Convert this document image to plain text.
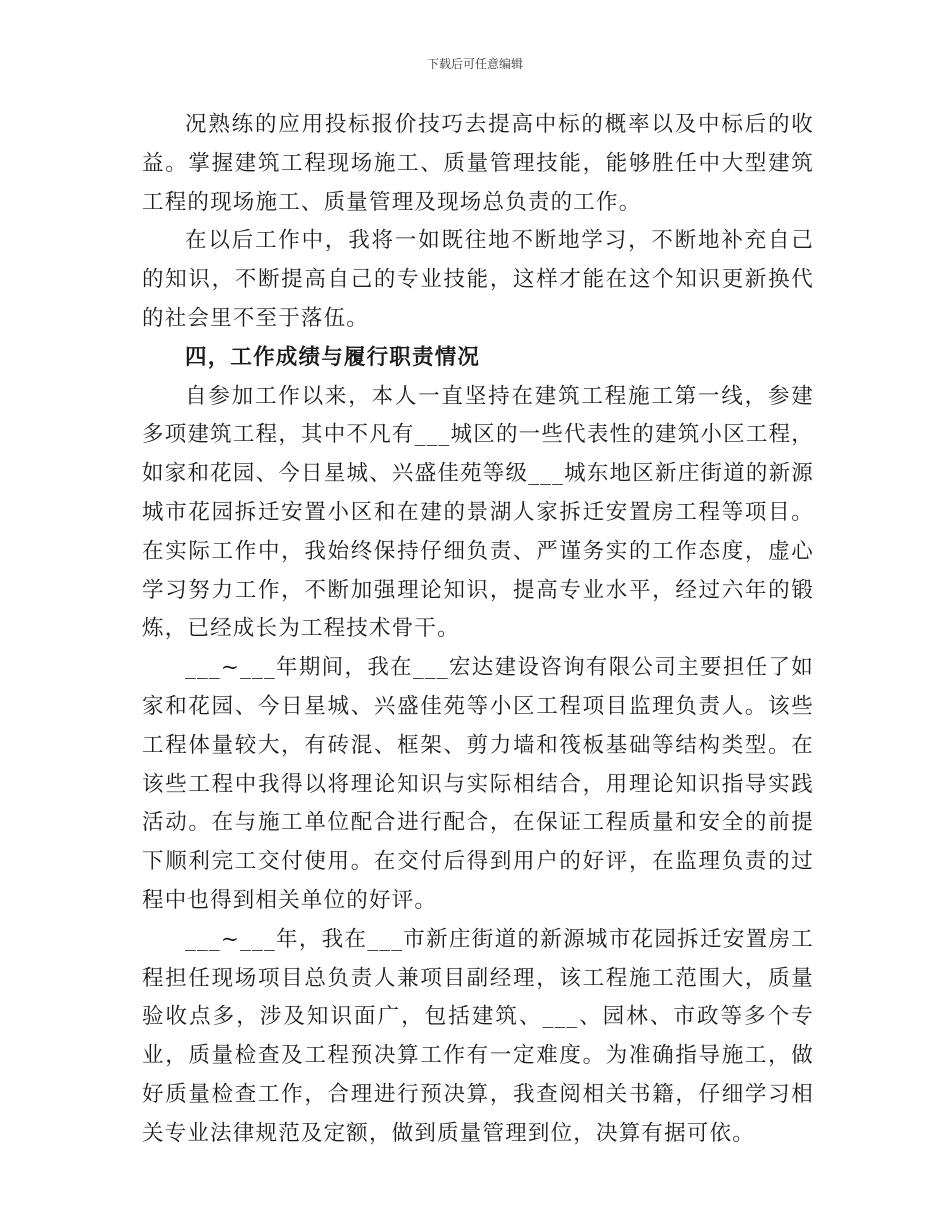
下载后可任意编辑

况熟练的应用投标报价技巧去提高中标的概率以及中标后的收益。掌握建筑工程现场施工、质量管理技能，能够胜任中大型建筑工程的现场施工、质量管理及现场总负责的工作。

在以后工作中，我将一如既往地不断地学习，不断地补充自己的知识，不断提高自己的专业技能，这样才能在这个知识更新换代的社会里不至于落伍。

四，工作成绩与履行职责情况

自参加工作以来，本人一直坚持在建筑工程施工第一线，参建多项建筑工程，其中不凡有___城区的一些代表性的建筑小区工程，如家和花园、今日星城、兴盛佳苑等级___城东地区新庄街道的新源城市花园拆迁安置小区和在建的景湖人家拆迁安置房工程等项目。在实际工作中，我始终保持仔细负责、严谨务实的工作态度，虚心学习努力工作，不断加强理论知识，提高专业水平，经过六年的锻炼，已经成长为工程技术骨干。

___~___年期间，我在___宏达建设咨询有限公司主要担任了如家和花园、今日星城、兴盛佳苑等小区工程项目监理负责人。该些工程体量较大，有砖混、框架、剪力墙和筏板基础等结构类型。在该些工程中我得以将理论知识与实际相结合，用理论知识指导实践活动。在与施工单位配合进行配合，在保证工程质量和安全的前提下顺利完工交付使用。在交付后得到用户的好评，在监理负责的过程中也得到相关单位的好评。

___~___年，我在___市新庄街道的新源城市花园拆迁安置房工程担任现场项目总负责人兼项目副经理，该工程施工范围大，质量验收点多，涉及知识面广，包括建筑、___、园林、市政等多个专业，质量检查及工程预决算工作有一定难度。为准确指导施工，做好质量检查工作，合理进行预决算，我查阅相关书籍，仔细学习相关专业法律规范及定额，做到质量管理到位，决算有据可依。
